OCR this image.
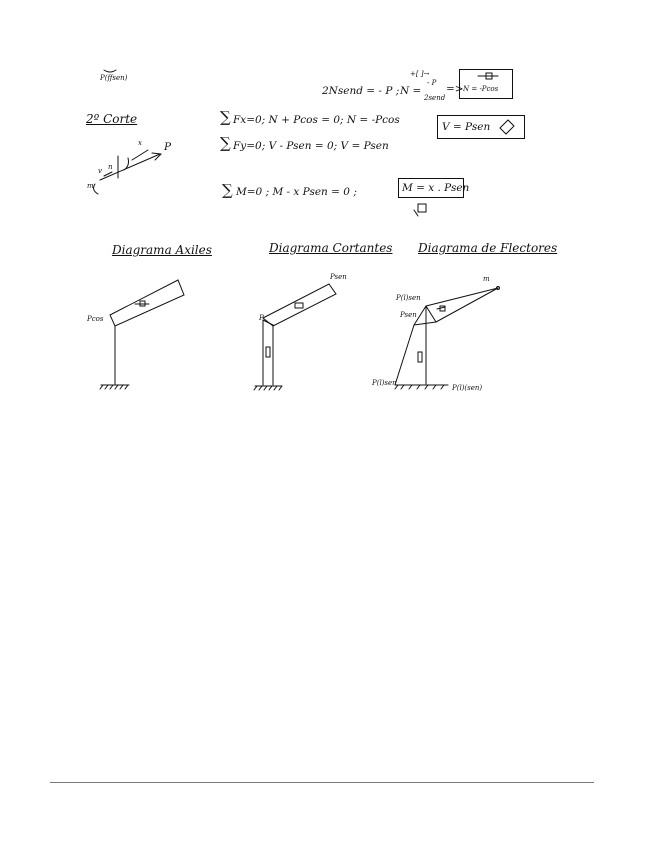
P(ffsen)
2Nsend = - P ;
+[ ]→
N =
- P
2send
=> N = -Pcos
2º Corte	∑ Fx=0; N + Pcos = 0; N = -Pcos
∑ Fy=0; V - Psen = 0; V = Psen
V = Psen
∑ M=0 ; M - x Psen = 0 ;	M = x . Psen
m
v n
x P
Diagrama Axiles	Diagrama Cortantes Diagrama de Flectores
Pcos
Psen
P
P(l)sen
Psen
P(l)sen
P(l)(sen)
m
